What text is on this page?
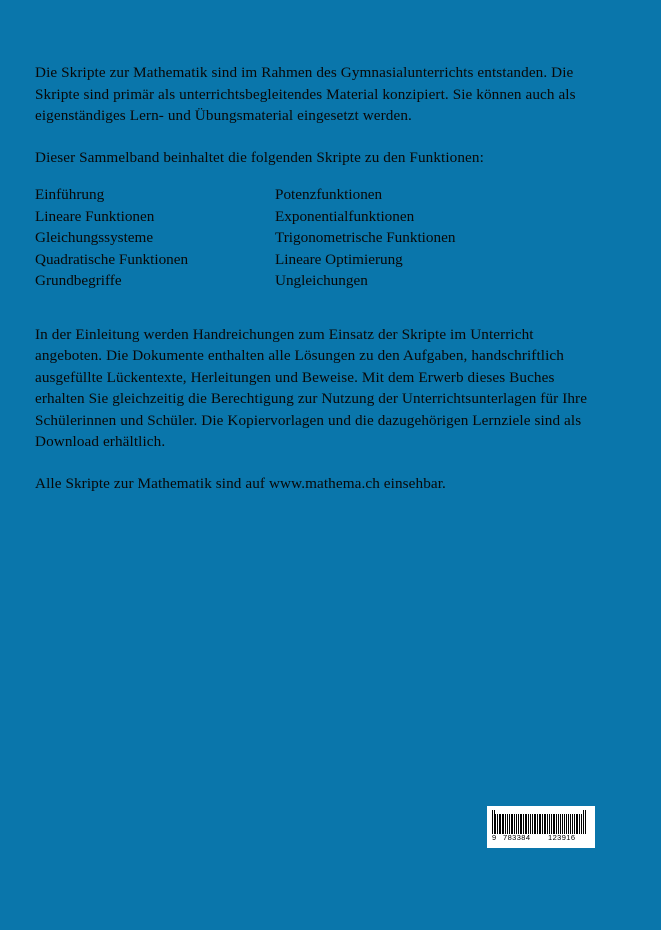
Die Skripte zur Mathematik sind im Rahmen des Gymnasialunterrichts entstanden. Die Skripte sind primär als unterrichtsbegleitendes Material konzipiert. Sie können auch als eigenständiges Lern- und Übungsmaterial eingesetzt werden.

Dieser Sammelband beinhaltet die folgenden Skripte zu den Funktionen:

Einführung	Potenzfunktionen
Lineare Funktionen	Exponentialfunktionen
Gleichungssysteme	Trigonometrische Funktionen
Quadratische Funktionen	Lineare Optimierung
Grundbegriffe	Ungleichungen

In der Einleitung werden Handreichungen zum Einsatz der Skripte im Unterricht angeboten. Die Dokumente enthalten alle Lösungen zu den Aufgaben, handschriftlich ausgefüllte Lückentexte, Herleitungen und Beweise. Mit dem Erwerb dieses Buches erhalten Sie gleichzeitig die Berechtigung zur Nutzung der Unterrichtsunterlagen für Ihre Schülerinnen und Schüler. Die Kopiervorlagen und die dazugehörigen Lernziele sind als Download erhältlich.

Alle Skripte zur Mathematik sind auf www.mathema.ch einsehbar.

9 783384 123916
